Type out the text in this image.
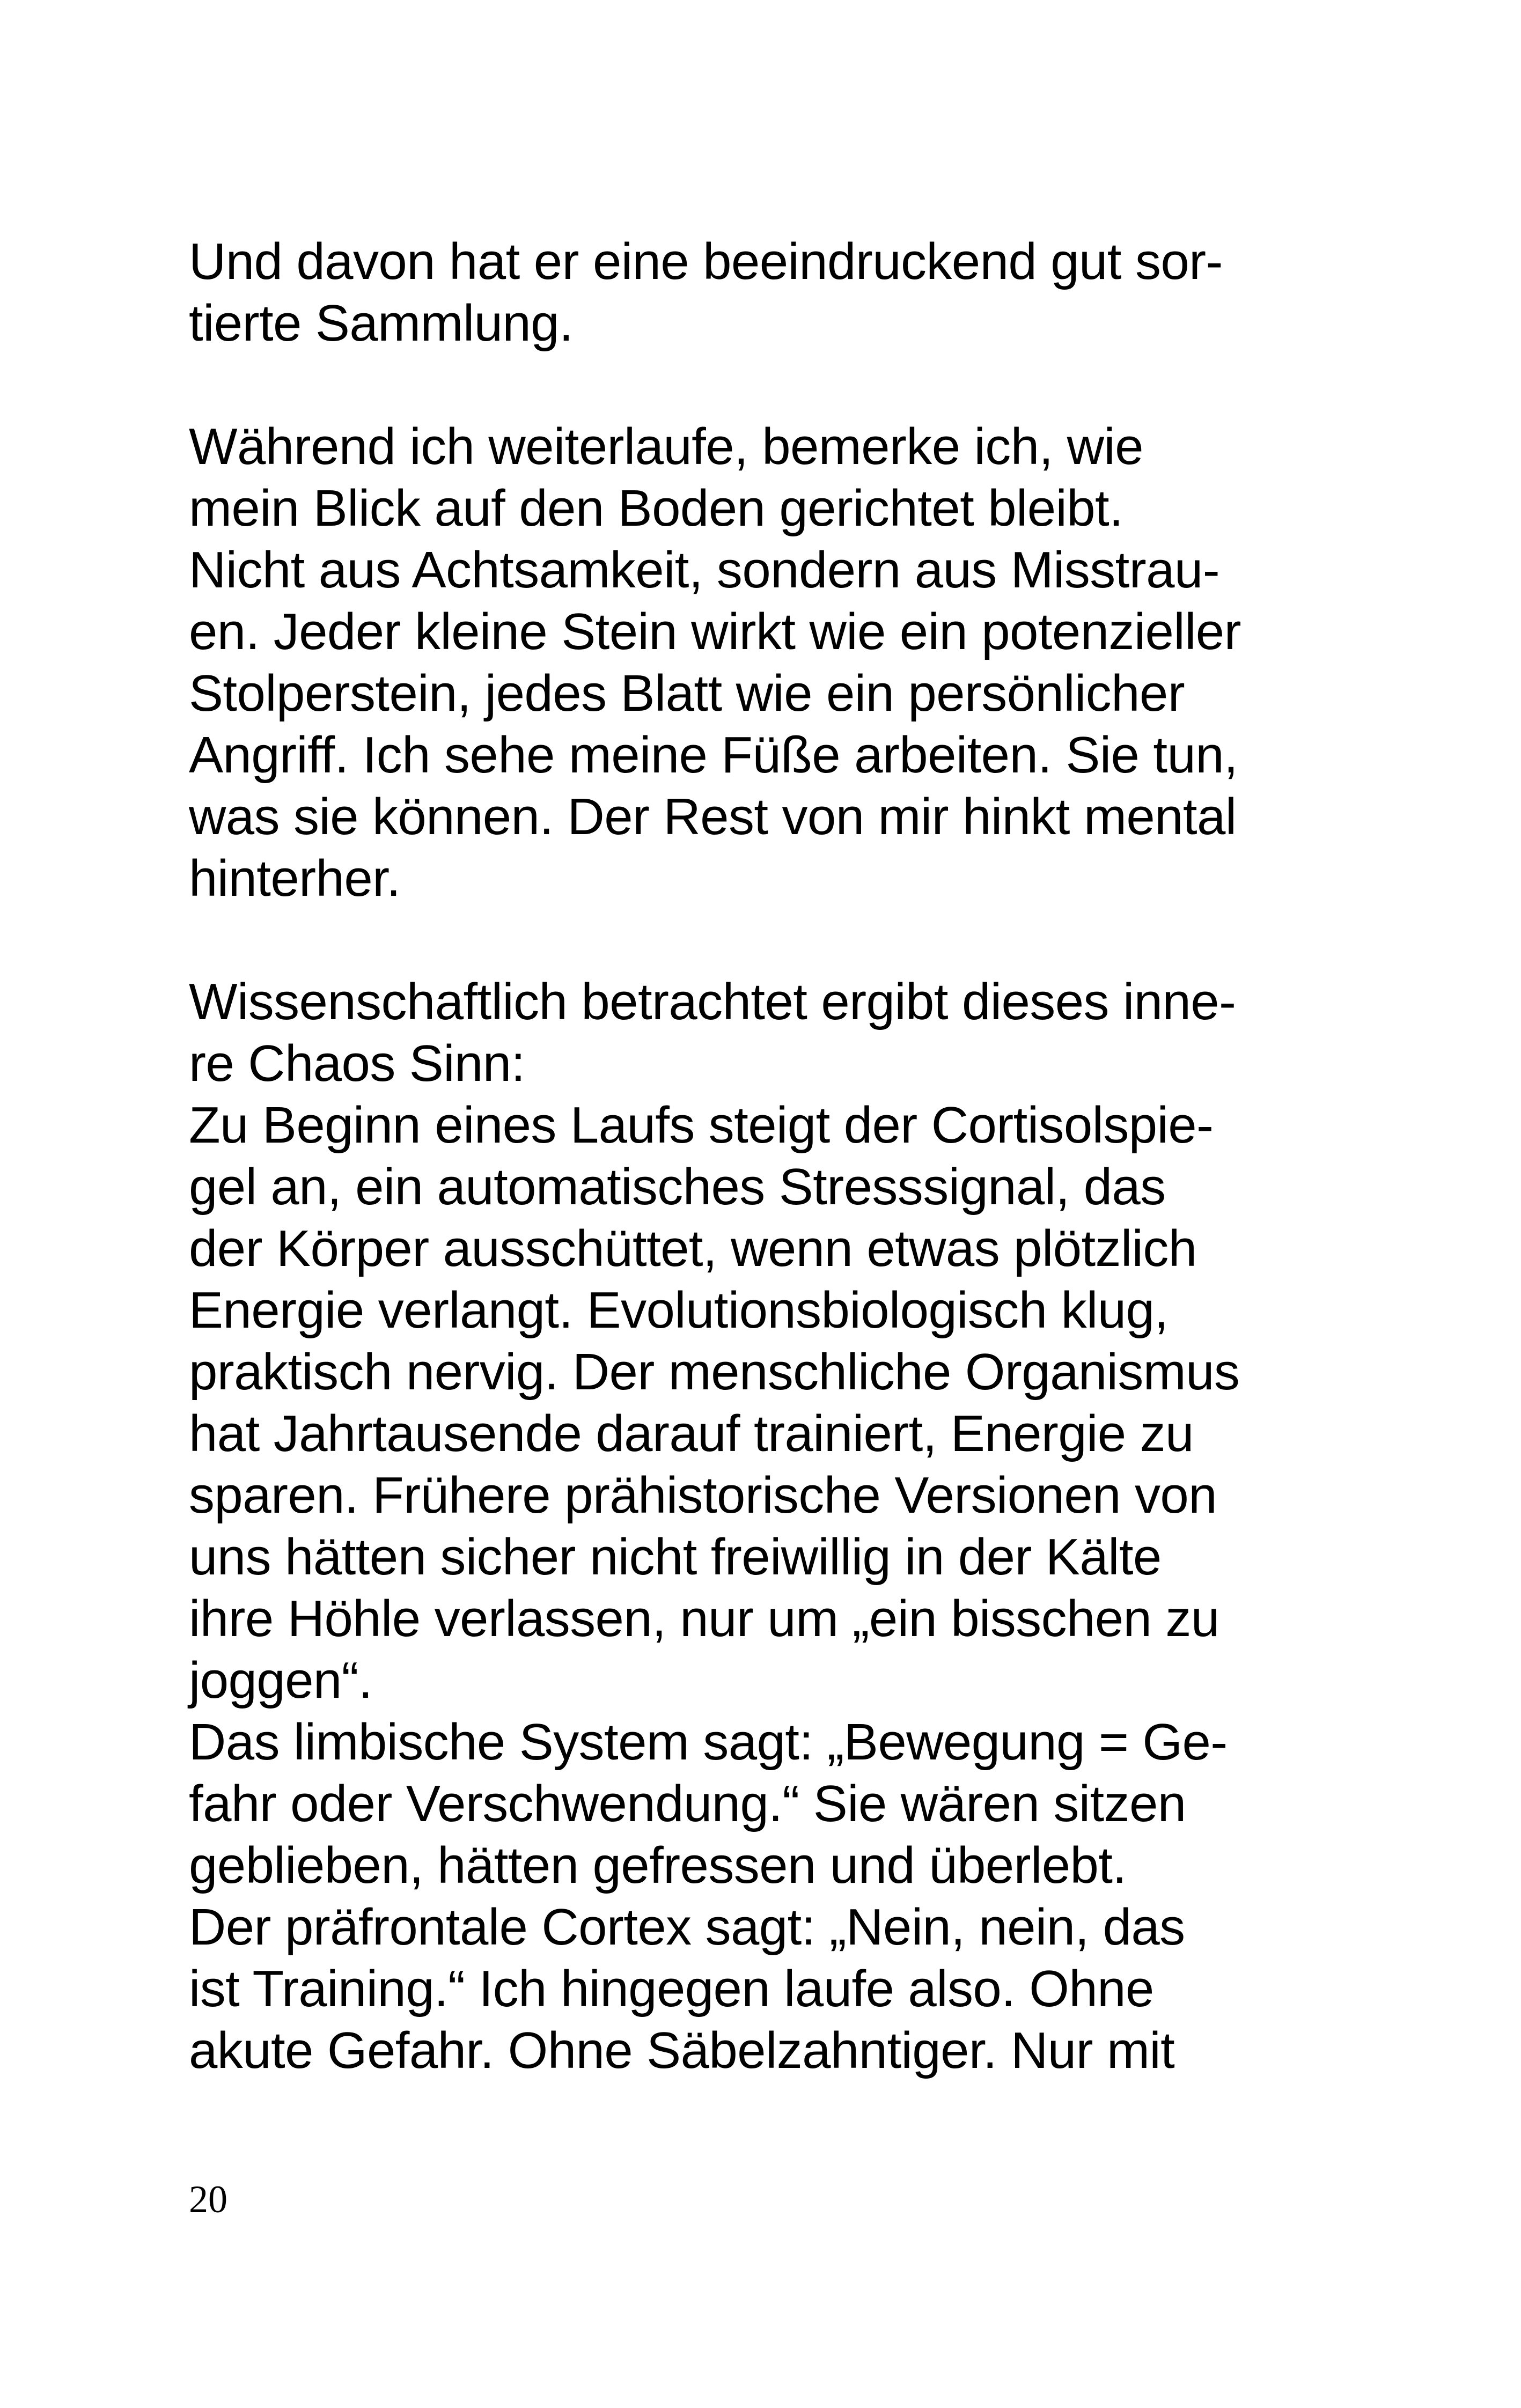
Und davon hat er eine beeindruckend gut sor-
tierte Sammlung.
Während ich weiterlaufe, bemerke ich, wie
mein Blick auf den Boden gerichtet bleibt.
Nicht aus Achtsamkeit, sondern aus Misstrau-
en. Jeder kleine Stein wirkt wie ein potenzieller
Stolperstein, jedes Blatt wie ein persönlicher
Angriff. Ich sehe meine Füße arbeiten. Sie tun,
was sie können. Der Rest von mir hinkt mental
hinterher.
Wissenschaftlich betrachtet ergibt dieses inne-
re Chaos Sinn:
Zu Beginn eines Laufs steigt der Cortisolspie-
gel an, ein automatisches Stresssignal, das
der Körper ausschüttet, wenn etwas plötzlich
Energie verlangt. Evolutionsbiologisch klug,
praktisch nervig. Der menschliche Organismus
hat Jahrtausende darauf trainiert, Energie zu
sparen. Frühere prähistorische Versionen von
uns hätten sicher nicht freiwillig in der Kälte
ihre Höhle verlassen, nur um „ein bisschen zu
joggen“.
Das limbische System sagt: „Bewegung = Ge-
fahr oder Verschwendung.“ Sie wären sitzen
geblieben, hätten gefressen und überlebt.
Der präfrontale Cortex sagt: „Nein, nein, das
ist Training.“ Ich hingegen laufe also. Ohne
akute Gefahr. Ohne Säbelzahntiger. Nur mit
20
